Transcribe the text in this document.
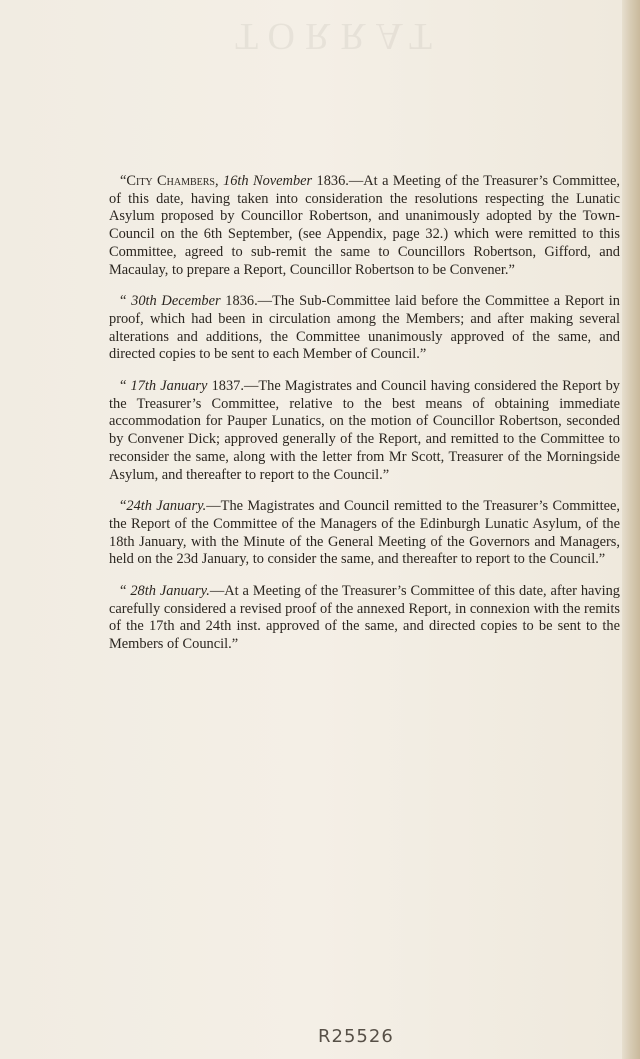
TORRAT

“City Chambers, 16th November 1836.—At a Meeting of the Treasurer’s Committee, of this date, having taken into consideration the resolutions respecting the Lunatic Asylum proposed by Councillor Robertson, and unanimously adopted by the Town-Council on the 6th September, (see Appendix, page 32.) which were remitted to this Committee, agreed to sub-remit the same to Councillors Robertson, Gifford, and Macaulay, to prepare a Report, Councillor Robertson to be Convener.”

“ 30th December 1836.—The Sub-Committee laid before the Committee a Report in proof, which had been in circulation among the Members; and after making several alterations and additions, the Committee unanimously approved of the same, and directed copies to be sent to each Member of Council.”

“ 17th January 1837.—The Magistrates and Council having considered the Report by the Treasurer’s Committee, relative to the best means of obtaining immediate accommodation for Pauper Lunatics, on the motion of Councillor Robertson, seconded by Convener Dick; approved generally of the Report, and remitted to the Committee to reconsider the same, along with the letter from Mr Scott, Treasurer of the Morningside Asylum, and thereafter to report to the Council.”

“24th January.—The Magistrates and Council remitted to the Treasurer’s Committee, the Report of the Committee of the Managers of the Edinburgh Lunatic Asylum, of the 18th January, with the Minute of the General Meeting of the Governors and Managers, held on the 23d January, to consider the same, and thereafter to report to the Council.”

“ 28th January.—At a Meeting of the Treasurer’s Committee of this date, after having carefully considered a revised proof of the annexed Report, in connexion with the remits of the 17th and 24th inst. approved of the same, and directed copies to be sent to the Members of Council.”

R25526
